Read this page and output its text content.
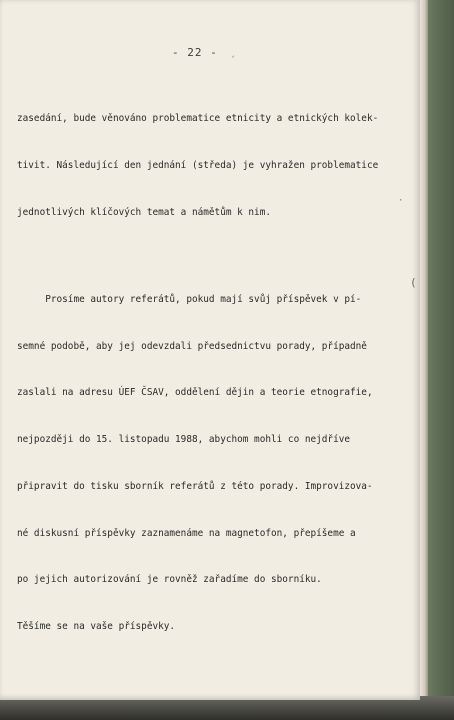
- 22 -
´

zasedání, bude věnováno problematice etnicity a etnických kolek-

tivit. Následující den jednání (středa) je vyhražen problematice

jednotlivých klíčových temat a námětům k nim.

Prosíme autory referátů, pokud mají svůj příspěvek v pí-

semné podobě, aby jej odevzdali předsednictvu porady, případně

zaslali na adresu ÚEF ČSAV, oddělení dějin a teorie etnografie,

nejpozději do 15. listopadu 1988, abychom mohli co nejdříve

připravit do tisku sborník referátů z této porady. Improvizova-

né diskusní příspěvky zaznamenáme na magnetofon, přepíšeme a

po jejich autorizování je rovněž zařadíme do sborníku.

Těšíme se na vaše příspěvky.

·
(
